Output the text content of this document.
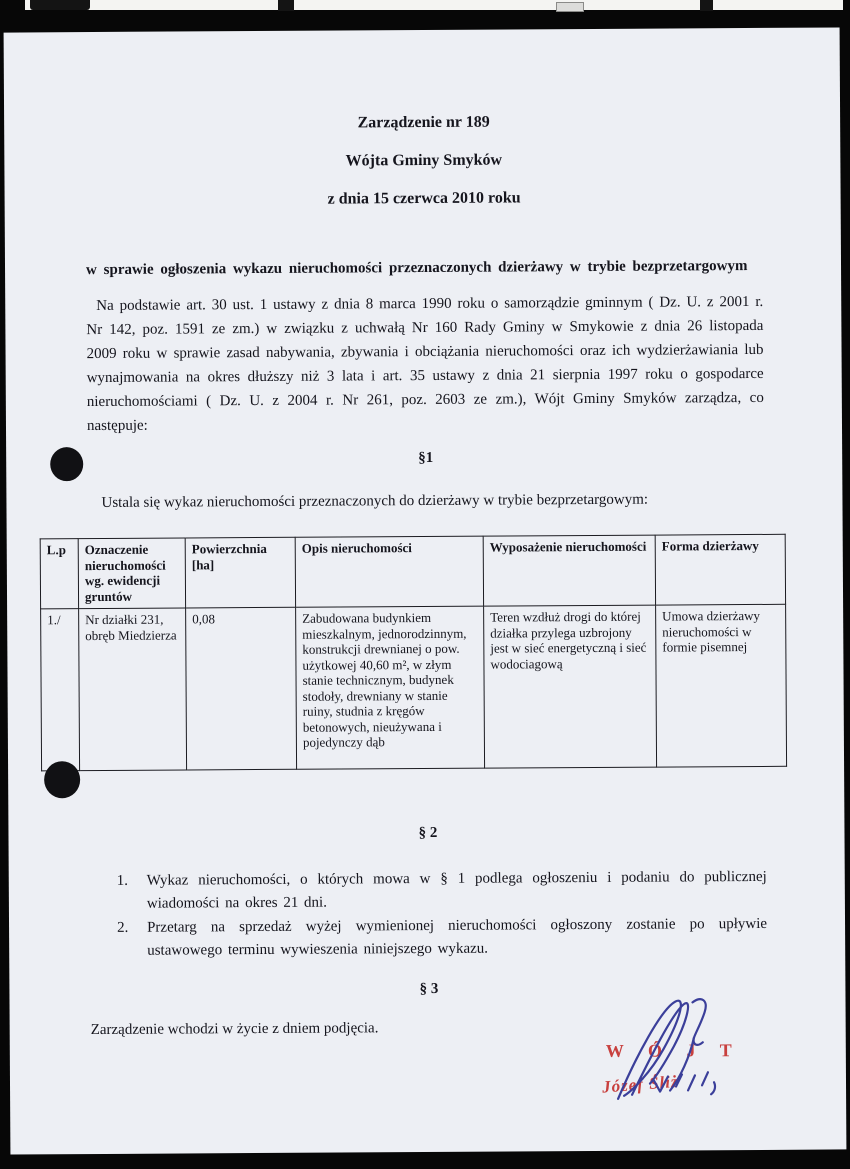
Zarządzenie nr 189

Wójta Gminy Smyków

z dnia 15 czerwca 2010 roku

w sprawie ogłoszenia wykazu nieruchomości przeznaczonych dzierżawy w trybie bezprzetargowym
Na podstawie art. 30 ust. 1 ustawy z dnia 8 marca 1990 roku o samorządzie gminnym ( Dz. U. z 2001 r. Nr 142, poz. 1591 ze zm.) w związku z uchwałą Nr 160 Rady Gminy w Smykowie z dnia 26 listopada 2009 roku w sprawie zasad nabywania, zbywania i obciążania nieruchomości oraz ich wydzierżawiania lub wynajmowania na okres dłuższy niż 3 lata i art. 35 ustawy z dnia 21 sierpnia 1997 roku o gospodarce nieruchomościami ( Dz. U. z 2004 r. Nr 261, poz. 2603 ze zm.), Wójt Gminy Smyków zarządza, co następuje:
§1
Ustala się wykaz nieruchomości przeznaczonych do dzierżawy w trybie bezprzetargowym:
L.p	Oznaczenie nieruchomości wg. ewidencji gruntów	Powierzchnia [ha]	Opis nieruchomości	Wyposażenie nieruchomości	Forma dzierżawy
1./	Nr działki 231, obręb Miedzierza	0,08	Zabudowana budynkiem mieszkalnym, jednorodzinnym, konstrukcji drewnianej o pow. użytkowej 40,60 m², w złym stanie technicznym, budynek stodoły, drewniany w stanie ruiny, studnia z kręgów betonowych, nieużywana i pojedynczy dąb	Teren wzdłuż drogi do której działka przylega uzbrojony jest w sieć energetyczną i sieć wodociagową	Umowa dzierżawy nieruchomości w formie pisemnej
§ 2
1.	Wykaz nieruchomości, o których mowa w § 1 podlega ogłoszeniu i podaniu do publicznej wiadomości na okres 21 dni.
2.	Przetarg na sprzedaż wyżej wymienionej nieruchomości ogłoszony zostanie po upływie ustawowego terminu wywieszenia niniejszego wykazu.
§ 3
Zarządzenie wchodzi w życie z dniem podjęcia.
W Ó J T
Józef Śliż
